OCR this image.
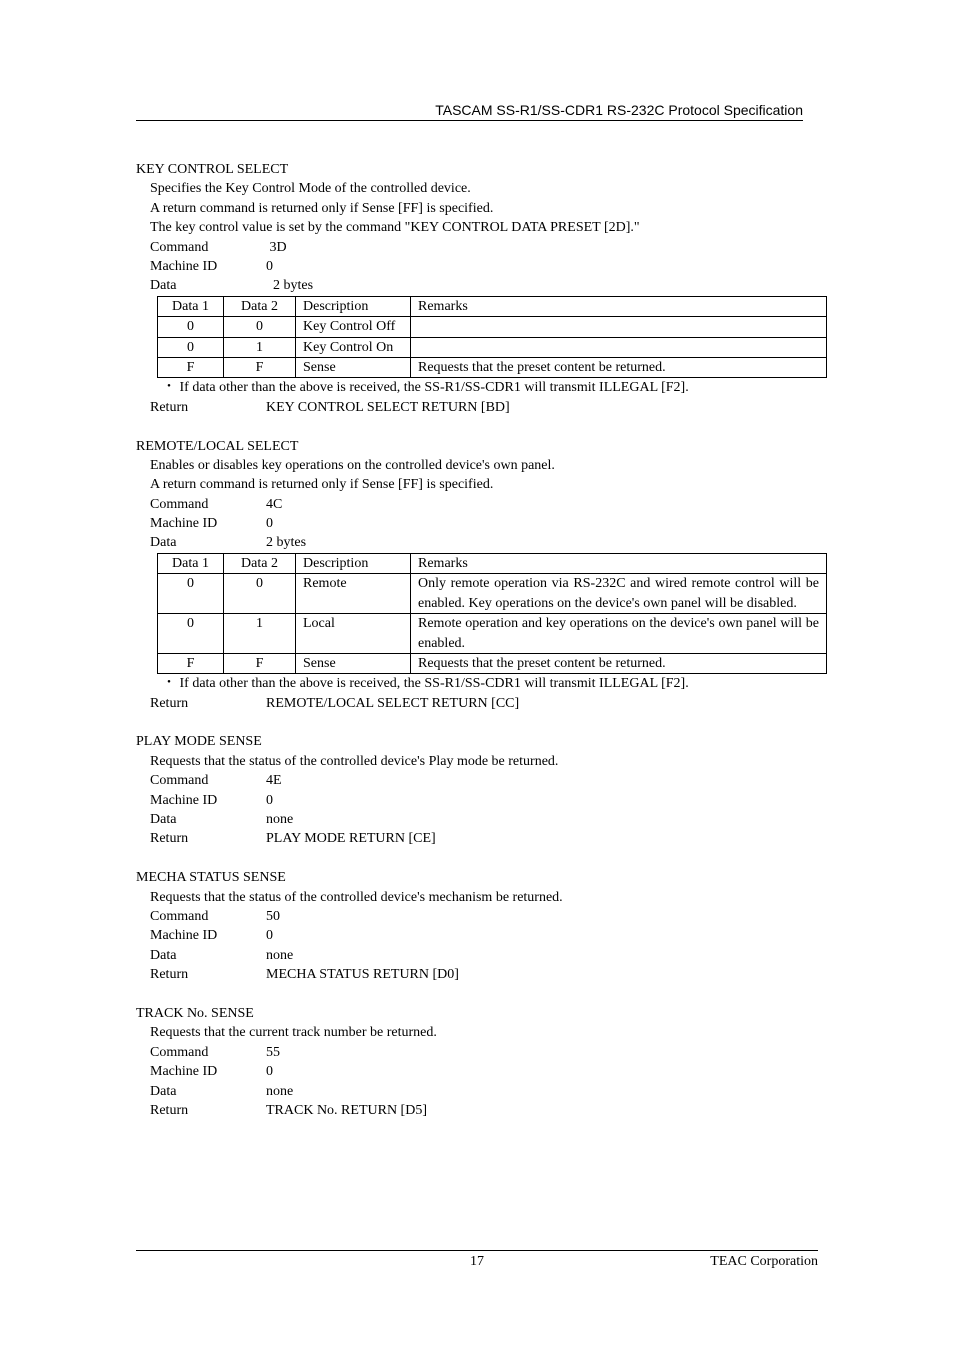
TASCAM SS-R1/SS-CDR1 RS-232C Protocol Specification
KEY CONTROL SELECT
Specifies the Key Control Mode of the controlled device.
A return command is returned only if Sense [FF] is specified.
The key control value is set by the command "KEY CONTROL DATA PRESET [2D]."
Command	3D
Machine ID	0
Data	2 bytes
Data 1	Data 2	Description	Remarks
0	0	Key Control Off	
0	1	Key Control On	
F	F	Sense	Requests that the preset content be returned.
・ If data other than the above is received, the SS-R1/SS-CDR1 will transmit ILLEGAL [F2].
Return	KEY CONTROL SELECT RETURN [BD]
REMOTE/LOCAL SELECT
Enables or disables key operations on the controlled device's own panel.
A return command is returned only if Sense [FF] is specified.
Command	4C
Machine ID	0
Data	2 bytes
Data 1	Data 2	Description	Remarks
0	0	Remote	Only remote operation via RS-232C and wired remote control will be enabled. Key operations on the device's own panel will be disabled.
0	1	Local	Remote operation and key operations on the device's own panel will be enabled.
F	F	Sense	Requests that the preset content be returned.
・ If data other than the above is received, the SS-R1/SS-CDR1 will transmit ILLEGAL [F2].
Return	REMOTE/LOCAL SELECT RETURN [CC]
PLAY MODE SENSE
Requests that the status of the controlled device's Play mode be returned.
Command	4E
Machine ID	0
Data	none
Return	PLAY MODE RETURN [CE]
MECHA STATUS SENSE
Requests that the status of the controlled device's mechanism be returned.
Command	50
Machine ID	0
Data	none
Return	MECHA STATUS RETURN [D0]
TRACK No. SENSE
Requests that the current track number be returned.
Command	55
Machine ID	0
Data	none
Return	TRACK No. RETURN [D5]
17	TEAC Corporation
